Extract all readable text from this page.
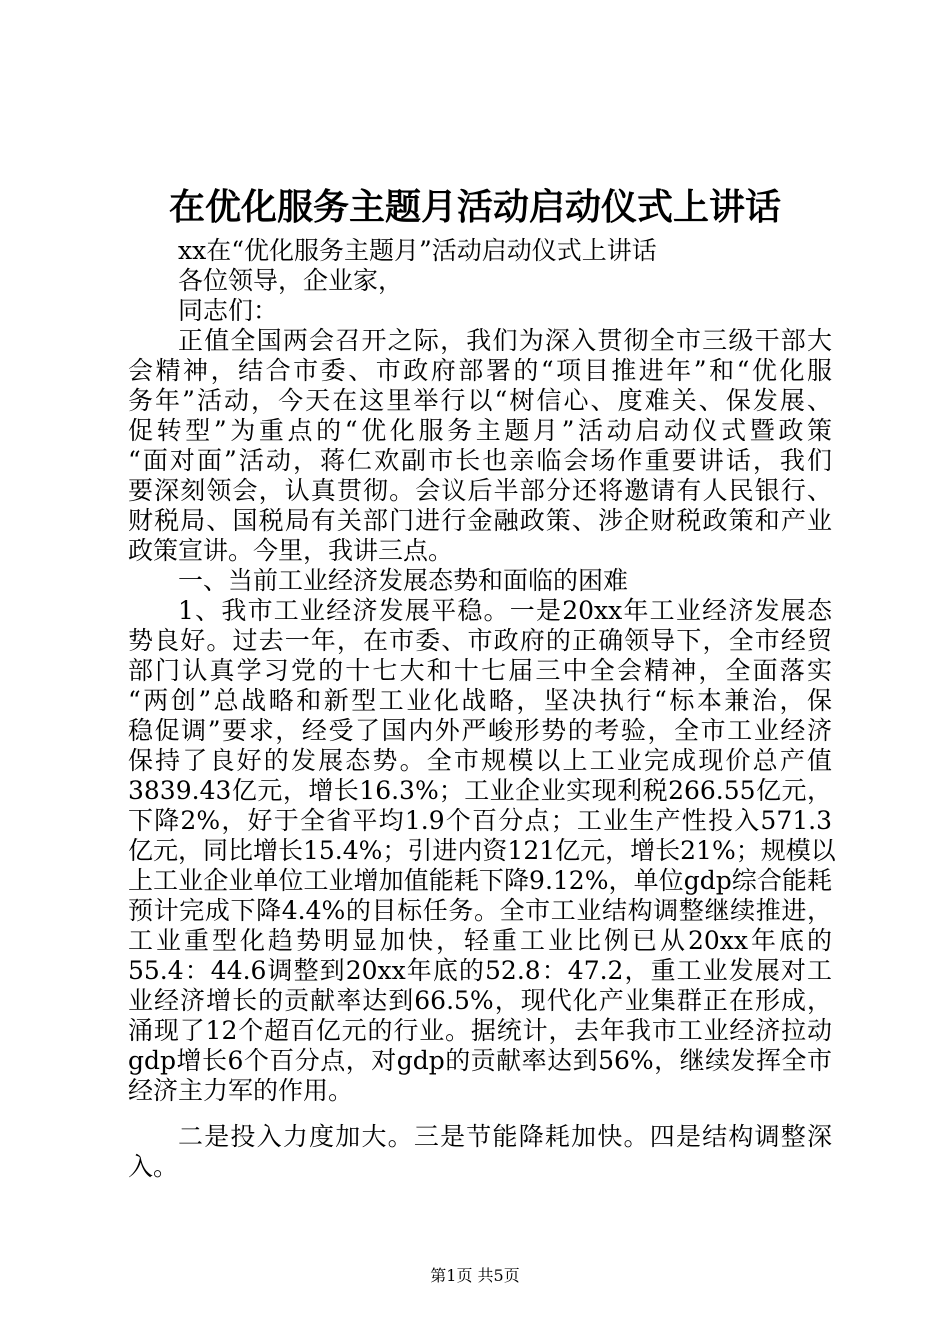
在优化服务主题月活动启动仪式上讲话
xx在“优化服务主题月”活动启动仪式上讲话
各位领导，企业家，
同志们：
正值全国两会召开之际，我们为深入贯彻全市三级干部大
会精神，结合市委、市政府部署的“项目推进年”和“优化服
务年”活动，今天在这里举行以“树信心、度难关、保发展、
促转型”为重点的“优化服务主题月”活动启动仪式暨政策
“面对面”活动，蒋仁欢副市长也亲临会场作重要讲话，我们
要深刻领会，认真贯彻。会议后半部分还将邀请有人民银行、
财税局、国税局有关部门进行金融政策、涉企财税政策和产业
政策宣讲。今里，我讲三点。
一、当前工业经济发展态势和面临的困难
1、我市工业经济发展平稳。一是20xx年工业经济发展态
势良好。过去一年，在市委、市政府的正确领导下，全市经贸
部门认真学习党的十七大和十七届三中全会精神，全面落实
“两创”总战略和新型工业化战略，坚决执行“标本兼治，保
稳促调”要求，经受了国内外严峻形势的考验，全市工业经济
保持了良好的发展态势。全市规模以上工业完成现价总产值
3839.43亿元，增长16.3%；工业企业实现利税266.55亿元，
下降2%，好于全省平均1.9个百分点；工业生产性投入571.3
亿元，同比增长15.4%；引进内资121亿元，增长21%；规模以
上工业企业单位工业增加值能耗下降9.12%，单位gdp综合能耗
预计完成下降4.4%的目标任务。全市工业结构调整继续推进，
工业重型化趋势明显加快，轻重工业比例已从20xx年底的
55.4：44.6调整到20xx年底的52.8：47.2，重工业发展对工
业经济增长的贡献率达到66.5%，现代化产业集群正在形成，
涌现了12个超百亿元的行业。据统计，去年我市工业经济拉动
gdp增长6个百分点，对gdp的贡献率达到56%，继续发挥全市
经济主力军的作用。
二是投入力度加大。三是节能降耗加快。四是结构调整深
入。
第1页 共5页
